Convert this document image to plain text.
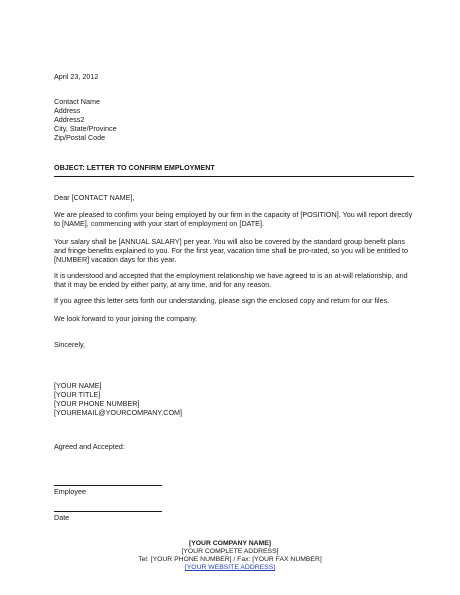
April 23, 2012
Contact Name
Address
Address2
City, State/Province
Zip/Postal Code
OBJECT: LETTER TO CONFIRM EMPLOYMENT
Dear [CONTACT NAME],

We are pleased to confirm your being employed by our firm in the capacity of [POSITION]. You will report directly to [NAME], commencing with your start of employment on [DATE].

Your salary shall be [ANNUAL SALARY] per year. You will also be covered by the standard group benefit plans and fringe benefits explained to you. For the first year, vacation time shall be pro-rated, so you will be entitled to [NUMBER] vacation days for this year.

It is understood and accepted that the employment relationship we have agreed to is an at-will relationship, and that it may be ended by either party, at any time, and for any reason.

If you agree this letter sets forth our understanding, please sign the enclosed copy and return for our files.

We look forward to your joining the company.

Sincerely,
[YOUR NAME]
[YOUR TITLE]
[YOUR PHONE NUMBER]
[YOUREMAIL@YOURCOMPANY.COM]
Agreed and Accepted:
Employee
Date
[YOUR COMPANY NAME]
[YOUR COMPLETE ADDRESS]
Tel: [YOUR PHONE NUMBER] / Fax: [YOUR FAX NUMBER]
[YOUR WEBSITE ADDRESS]
